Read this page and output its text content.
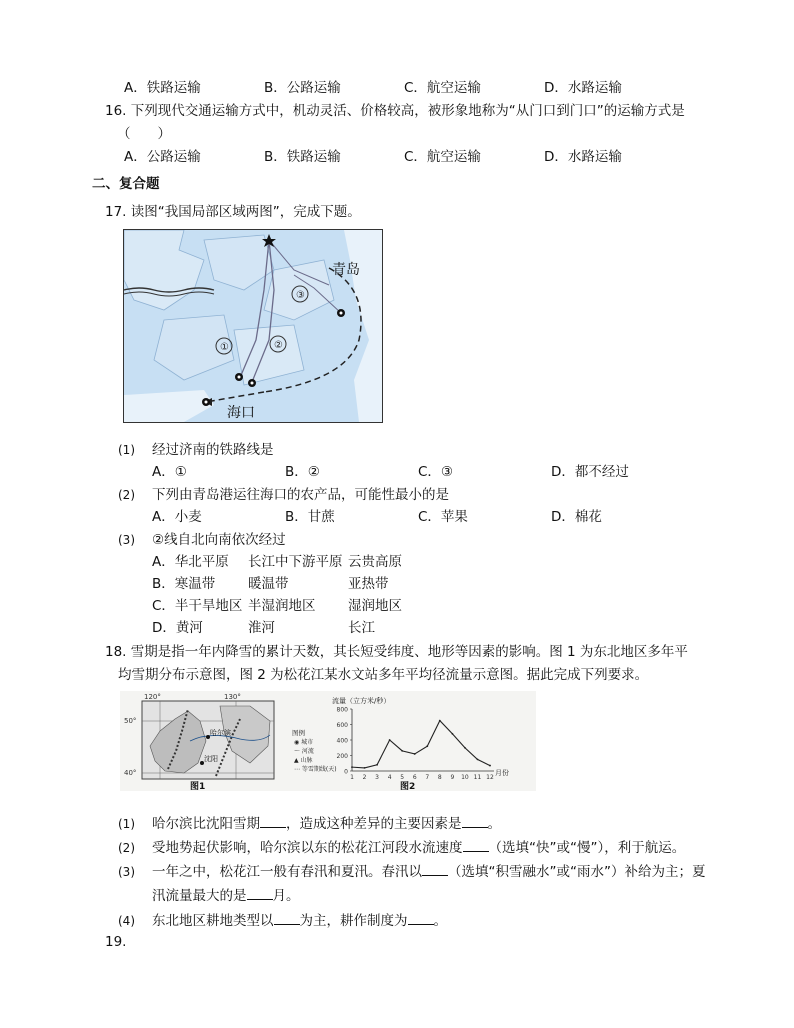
A．铁路运输	B．公路运输	C．航空运输	D．水路运输
16. 下列现代交通运输方式中，机动灵活、价格较高，被形象地称为“从门口到门口”的运输方式是
（　　）
A．公路运输	B．铁路运输	C．航空运输	D．水路运输
二、复合题
17. 读图“我国局部区域两图”，完成下题。
③
①	②
青岛
海口
(1) 经过济南的铁路线是
A．①	B．②	C．③	D．都不经过
(2) 下列由青岛港运往海口的农产品，可能性最小的是
A．小麦	B．甘蔗	C．苹果	D．棉花
(3) ②线自北向南依次经过
A．华北平原 长江中下游平原 云贵高原
B．寒温带 暖温带	亚热带
C．半干旱地区 半湿润地区 湿润地区
D．黄河	淮河	长江
18. 雪期是指一年内降雪的累计天数，其长短受纬度、地形等因素的影响。图 1 为东北地区多年平
均雪期分布示意图，图 2 为松花江某水文站多年平均径流量示意图。据此完成下列要求。
120°	130°
50°
40°
哈尔滨
沈阳
图1
图例
◉ 城市
～ 河流
▲ 山脉
⋯ 等雪期线(天)
流量（立方米/秒）
0
200
400
600
800
1 2 3 4 5 6 7 8 9 10 11 12
月份
图2
(1) 哈尔滨比沈阳雪期 ，造成这种差异的主要因素是 。
(2) 受地势起伏影响，哈尔滨以东的松花江河段水流速度 （选填“快”或“慢”），利于航运。
(3) 一年之中，松花江一般有春汛和夏汛。春汛以 （选填“积雪融水”或“雨水”）补给为主；夏
汛流量最大的是 月。
(4) 东北地区耕地类型以 为主，耕作制度为 。
19.
